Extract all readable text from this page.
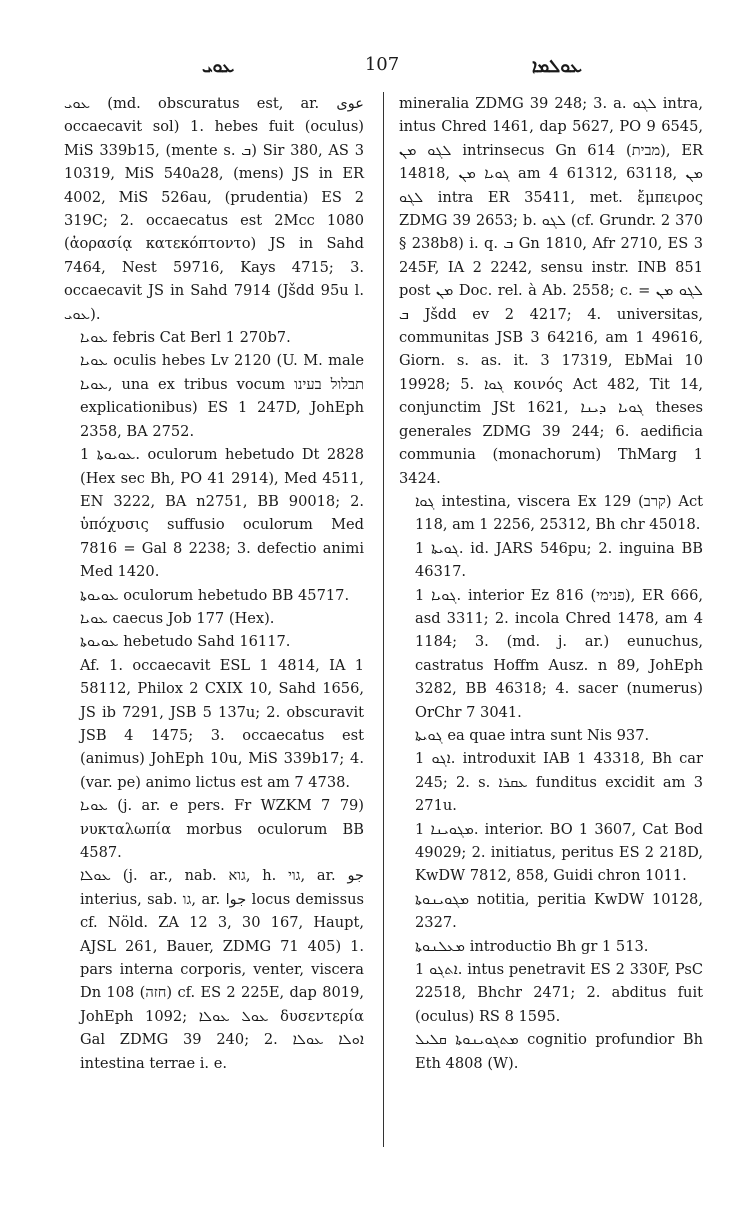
ܥܘܝ	107	ܥܘܠܡܐ

ܥܘܝ (md. obscuratus est, ar. عوى occaecavit sol) 1. hebes fuit (oculus) MiS 339b15, (mente s. ܒ) Sir 380, AS 3 10319, MiS 540a28, (mens) JS in ER 4002, MiS 526au, (prudentia) ES 2 319C; 2. occaecatus est 2Mcc 1080 (ἀορασίᾳ κατεκόπτοντο) JS in Sahd 7464, Nest 59716, Kays 4715; 3. occaecavit JS in Sahd 7914 (Jšdd 95u l. ܥܘܝ).

ܥܘܝܐ febris Cat Berl 1 270b7.

ܥܘܝܐ oculis hebes Lv 2120 (U. M. male ܥܘܝܐ, una ex tribus vocum תבלול בעינו explicationibus) ES 1 247D, JohEph 2358, BA 2752.

ܥܘܝܘܬܐ 1. oculorum hebetudo Dt 2828 (Hex sec Bh, PO 41 2914), Med 4511, EN 3222, BA n2751, BB 90018; 2. ὑπόχυσις suffusio oculorum Med 7816 = Gal 8 2238; 3. defectio animi Med 1420.

ܥܘܝܘܬܐ oculorum hebetudo BB 45717.

ܥܘܝܐ caecus Job 177 (Hex).

ܥܘܝܘܬܐ hebetudo Sahd 16117.

Af. 1. occaecavit ESL 1 4814, IA 1 58112, Philox 2 CXIX 10, Sahd 1656, JS ib 7291, JSB 5 137u; 2. obscuravit JSB 4 1475; 3. occaecatus est (animus) JohEph 10u, MiS 339b17; 4. (var. pe) animo lictus est am 7 4738.

ܥܘܝܐ (j. ar. e pers. Fr WZKM 7 79) νυκταλωπία morbus oculorum BB 4587.

ܥܘܠܐ (j. ar., nab. גוא, h. גוי, ar. جو interius, sab. גו, ar. جوا locus demissus cf. Nöld. ZA 12 3, 30 167, Haupt, AJSL 261, Bauer, ZDMG 71 405) 1. pars interna corporis, venter, viscera Dn 108 (חזה) cf. ES 2 225E, dap 8019, JohEph 1092; ܥܘܠ ܥܘܠܐ δυσεντερία Gal ZDMG 39 240; 2. ܐܘܠܐ ܥܘܠܐ intestina terrae i. e.

mineralia ZDMG 39 248; 3. a. ܠܓܘ intra, intus Chred 1461, dap 5627, PO 9 6545, ܠܓܘ ܡܢ intrinsecus Gn 614 (מבית), ER 14818, ܓܘܝܐ ܡܢ am 4 61312, 63118, ܡܢ ܠܓܘ intra ER 35411, met. ἔμπειρος ZDMG 39 2653; b. ܠܓܘ (cf. Grundr. 2 370 § 238b8) i. q. ܒ Gn 1810, Afr 2710, ES 3 245F, IA 2 2242, sensu instr. INB 851 post ܡܢ Doc. rel. à Ab. 2558; c. ܠܓܘ ܡܢ = ܒ Jšdd ev 2 4217; 4. universitas, communitas JSB 3 64216, am 1 49616, Giorn. s. as. it. 3 17319, EbMai 10 19928; 5. ܓܘܐ κοινός Act 482, Tit 14, conjunctim JSt 1621, ܓܘܝܐ ܕܝܢܐ theses generales ZDMG 39 244; 6. aedificia communia (monachorum) ThMarg 1 3424.

ܓܘܐ intestina, viscera Ex 129 (קרב) Act 118, am 1 2256, 25312, Bh chr 45018.

ܓܘܝܬܐ 1. id. JARS 546pu; 2. inguina BB 46317.

ܓܘܝܐ 1. interior Ez 816 (פנימי), ER 666, asd 3311; 2. incola Chred 1478, am 4 1184; 3. (md. j. ar.) eunuchus, castratus Hoffm Ausz. n 89, JohEph 3282, BB 46318; 4. sacer (numerus) OrChr 7 3041.

ܓܘܝܬܐ ea quae intra sunt Nis 937.

ܐܓܘ 1. introduxit IAB 1 43318, Bh car 245; 2. s. ܥܩܪܐ funditus excidit am 3 271u.

ܡܓܘܝܢܐ 1. interior. BO 1 3607, Cat Bod 49029; 2. initiatus, peritus ES 2 218D, KwDW 7812, 858, Guidi chron 1011.

ܡܓܘܝܢܘܬܐ notitia, peritia KwDW 10128, 2327.

ܡܥܠܢܘܬܐ introductio Bh gr 1 513.

ܐܬܓܘ 1. intus penetravit ES 2 330F, PsC 22518, Bhchr 2471; 2. abditus fuit (oculus) RS 8 1595.

ܡܬܓܘܝܢܘܬܐ ܩܠܝܠ cognitio profundior Bh Eth 4808 (W).
